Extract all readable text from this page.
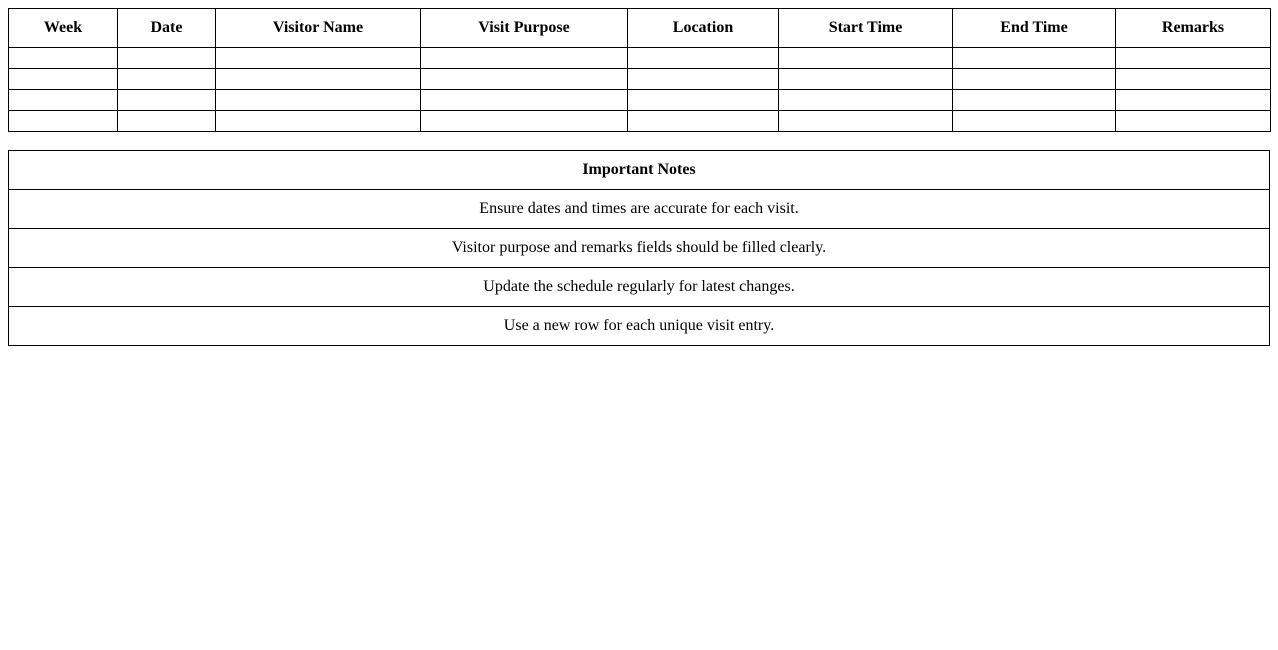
Week	Date	Visitor Name	Visit Purpose	Location	Start Time	End Time	Remarks

Important Notes
Ensure dates and times are accurate for each visit.
Visitor purpose and remarks fields should be filled clearly.
Update the schedule regularly for latest changes.
Use a new row for each unique visit entry.
